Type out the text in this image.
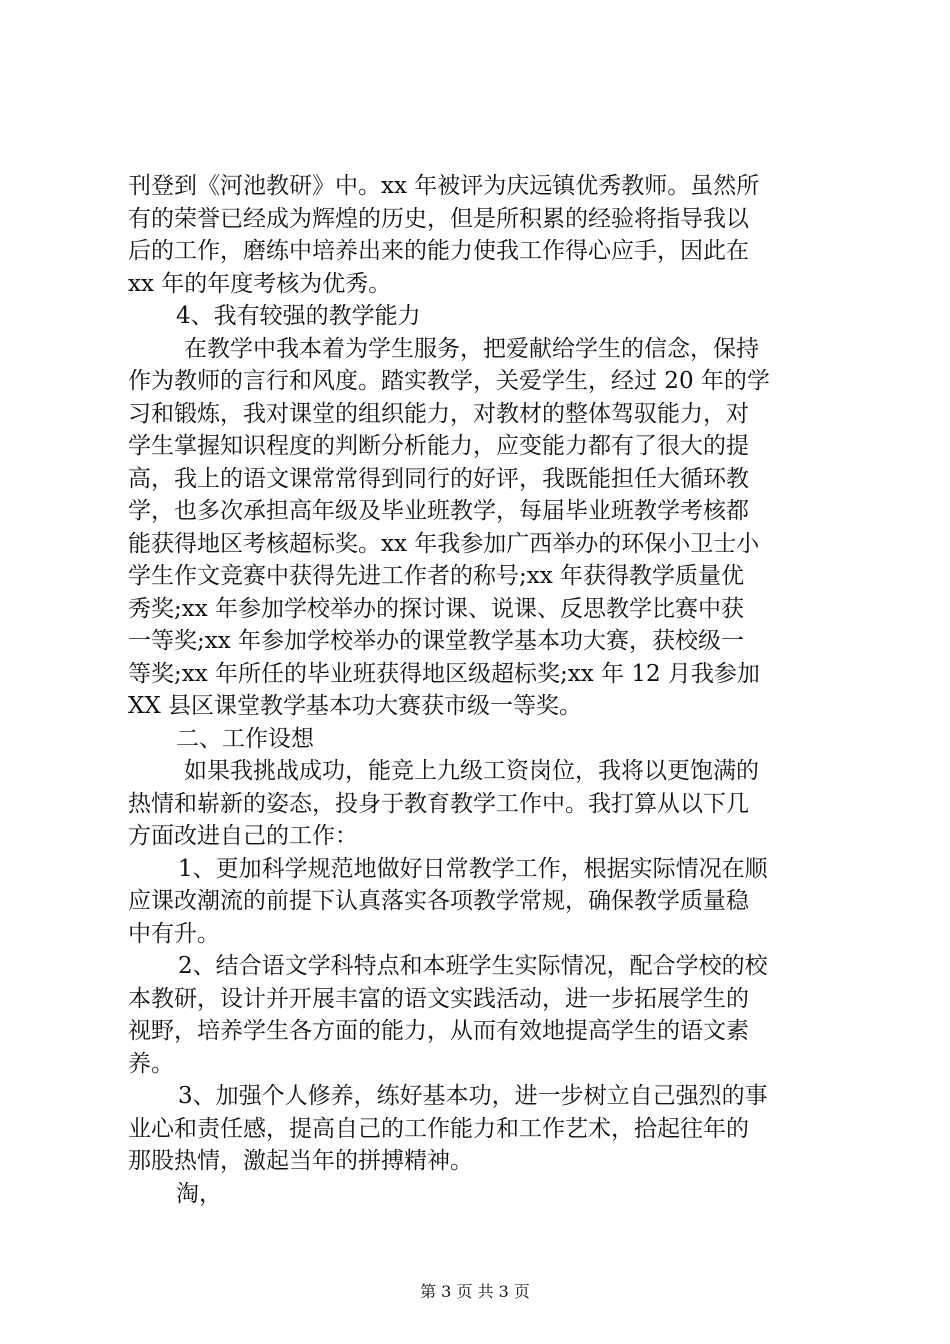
刊登到《河池教研》中。xx 年被评为庆远镇优秀教师。虽然所
有的荣誉已经成为辉煌的历史，但是所积累的经验将指导我以
后的工作，磨练中培养出来的能力使我工作得心应手，因此在
xx 年的年度考核为优秀。
4、我有较强的教学能力
在教学中我本着为学生服务，把爱献给学生的信念，保持
作为教师的言行和风度。踏实教学，关爱学生，经过 20 年的学
习和锻炼，我对课堂的组织能力，对教材的整体驾驭能力，对
学生掌握知识程度的判断分析能力，应变能力都有了很大的提
高，我上的语文课常常得到同行的好评，我既能担任大循环教
学，也多次承担高年级及毕业班教学，每届毕业班教学考核都
能获得地区考核超标奖。xx 年我参加广西举办的环保小卫士小
学生作文竞赛中获得先进工作者的称号;xx 年获得教学质量优
秀奖;xx 年参加学校举办的探讨课、说课、反思教学比赛中获
一等奖;xx 年参加学校举办的课堂教学基本功大赛，获校级一
等奖;xx 年所任的毕业班获得地区级超标奖;xx 年 12 月我参加
XX 县区课堂教学基本功大赛获市级一等奖。
二、工作设想
如果我挑战成功，能竞上九级工资岗位，我将以更饱满的
热情和崭新的姿态，投身于教育教学工作中。我打算从以下几
方面改进自己的工作：
1、更加科学规范地做好日常教学工作，根据实际情况在顺
应课改潮流的前提下认真落实各项教学常规，确保教学质量稳
中有升。
2、结合语文学科特点和本班学生实际情况，配合学校的校
本教研，设计并开展丰富的语文实践活动，进一步拓展学生的
视野，培养学生各方面的能力，从而有效地提高学生的语文素
养。
3、加强个人修养，练好基本功，进一步树立自己强烈的事
业心和责任感，提高自己的工作能力和工作艺术，拾起往年的
那股热情，激起当年的拼搏精神。
淘，
第 3 页 共 3 页
